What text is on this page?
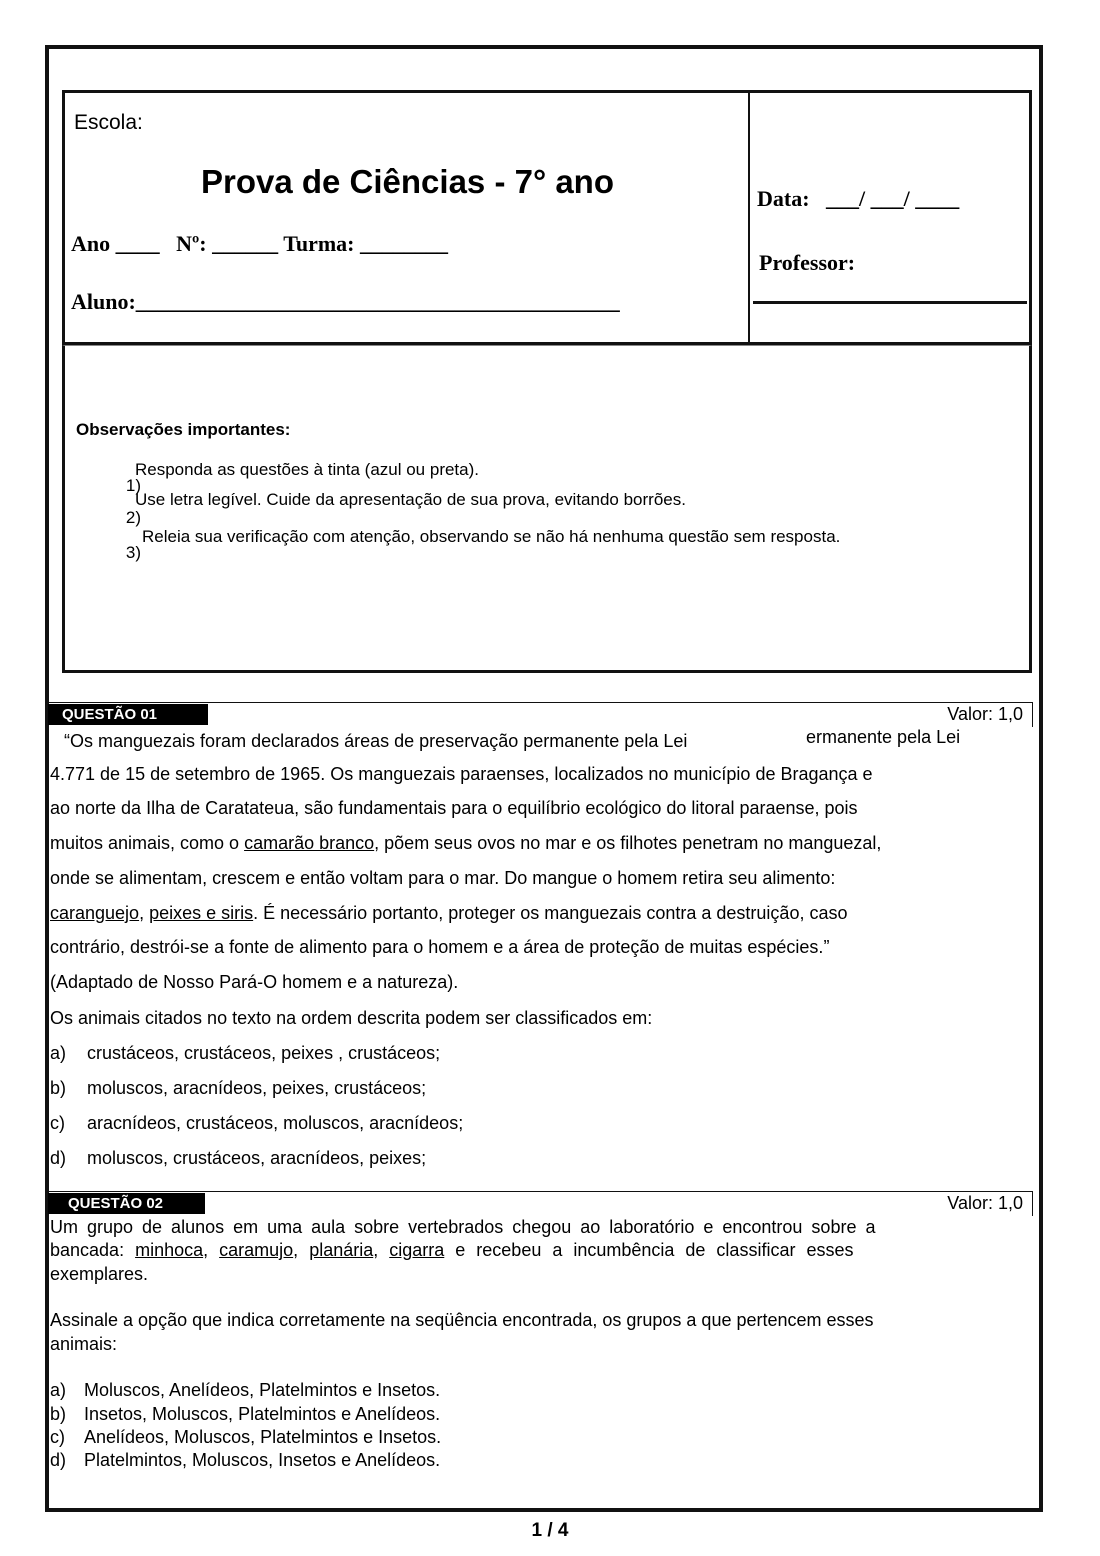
Escola:
Prova de Ciências - 7° ano
Ano ____   Nº: ______ Turma: ________
Aluno:____________________________________________
Data:   ___/ ___/ ____
Professor:
Observações importantes:

1)

Responda as questões à tinta (azul ou preta).

2)

Use letra legível. Cuide da apresentação de sua prova, evitando borrões.

3)

Releia sua verificação com atenção, observando se não há nenhuma questão sem resposta.

QUESTÃO 01	Valor: 1,0
“Os manguezais foram declarados áreas de preservação permanente pela Lei	ermanente pela Lei
4.771 de 15 de setembro de 1965. Os manguezais paraenses, localizados no município de Bragança e
ao norte da Ilha de Caratateua, são fundamentais para o equilíbrio ecológico do litoral paraense, pois
muitos animais, como o camarão branco, põem seus ovos no mar e os filhotes penetram no manguezal,
onde se alimentam, crescem e então voltam para o mar. Do mangue o homem retira seu alimento:
caranguejo, peixes e siris. É necessário portanto, proteger os manguezais contra a destruição, caso
contrário, destrói-se a fonte de alimento para o homem e a área de proteção de muitas espécies.”
(Adaptado de Nosso Pará-O homem e a natureza).
Os animais citados no texto na ordem descrita podem ser classificados em:
a) crustáceos, crustáceos, peixes , crustáceos;
b) moluscos, aracnídeos, peixes, crustáceos;
c) aracnídeos, crustáceos, moluscos, aracnídeos;
d) moluscos, crustáceos, aracnídeos, peixes;
QUESTÃO 02	Valor: 1,0
Um grupo de alunos em uma aula sobre vertebrados chegou ao laboratório e encontrou sobre a
bancada: minhoca, caramujo, planária, cigarra e recebeu a incumbência de classificar esses
exemplares.
Assinale a opção que indica corretamente na seqüência encontrada, os grupos a que pertencem esses
animais:
a) Moluscos, Anelídeos, Platelmintos e Insetos.
b) Insetos, Moluscos, Platelmintos e Anelídeos.
c) Anelídeos, Moluscos, Platelmintos e Insetos.
d) Platelmintos, Moluscos, Insetos e Anelídeos.
1 / 4
